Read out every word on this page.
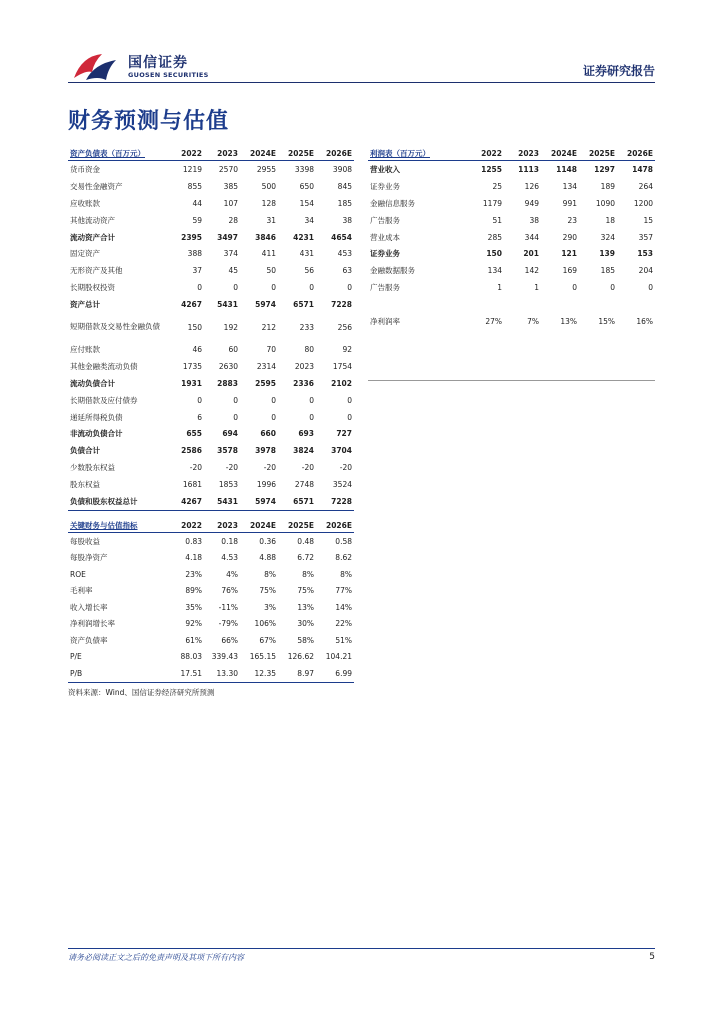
国信证券
GUOSEN SECURITIES	证券研究报告
财务预测与估值
资产负债表（百万元）	2022	2023	2024E	2025E	2026E
货币资金	1219	2570	2955	3398	3908
交易性金融资产	855	385	500	650	845
应收账款	44	107	128	154	185
其他流动资产	59	28	31	34	38
流动资产合计	2395	3497	3846	4231	4654
固定资产	388	374	411	431	453
无形资产及其他	37	45	50	56	63
长期股权投资	0	0	0	0	0
资产总计	4267	5431	5974	6571	7228
短期借款及交易性金融负债	150	192	212	233	256
应付账款	46	60	70	80	92
其他金融类流动负债	1735	2630	2314	2023	1754
流动负债合计	1931	2883	2595	2336	2102
长期借款及应付债券	0	0	0	0	0
递延所得税负债	6	0	0	0	0
非流动负债合计	655	694	660	693	727
负债合计	2586	3578	3978	3824	3704
少数股东权益	-20	-20	-20	-20	-20
股东权益	1681	1853	1996	2748	3524
负债和股东权益总计	4267	5431	5974	6571	7228
利润表（百万元）	2022	2023	2024E	2025E	2026E
营业收入	1255	1113	1148	1297	1478
证券业务	25	126	134	189	264
金融信息服务	1179	949	991	1090	1200
广告服务	51	38	23	18	15
营业成本	285	344	290	324	357
证券业务	150	201	121	139	153
金融数据服务	134	142	169	185	204
广告服务	1	1	0	0	0

净利润率	27%	7%	13%	15%	16%
关键财务与估值指标	2022	2023	2024E	2025E	2026E
每股收益	0.83	0.18	0.36	0.48	0.58
每股净资产	4.18	4.53	4.88	6.72	8.62
ROE	23%	4%	8%	8%	8%
毛利率	89%	76%	75%	75%	77%
收入增长率	35%	-11%	3%	13%	14%
净利润增长率	92%	-79%	106%	30%	22%
资产负债率	61%	66%	67%	58%	51%
P/E	88.03	339.43	165.15	126.62	104.21
P/B	17.51	13.30	12.35	8.97	6.99
资料来源：Wind、国信证券经济研究所预测
请务必阅读正文之后的免责声明及其项下所有内容	5
